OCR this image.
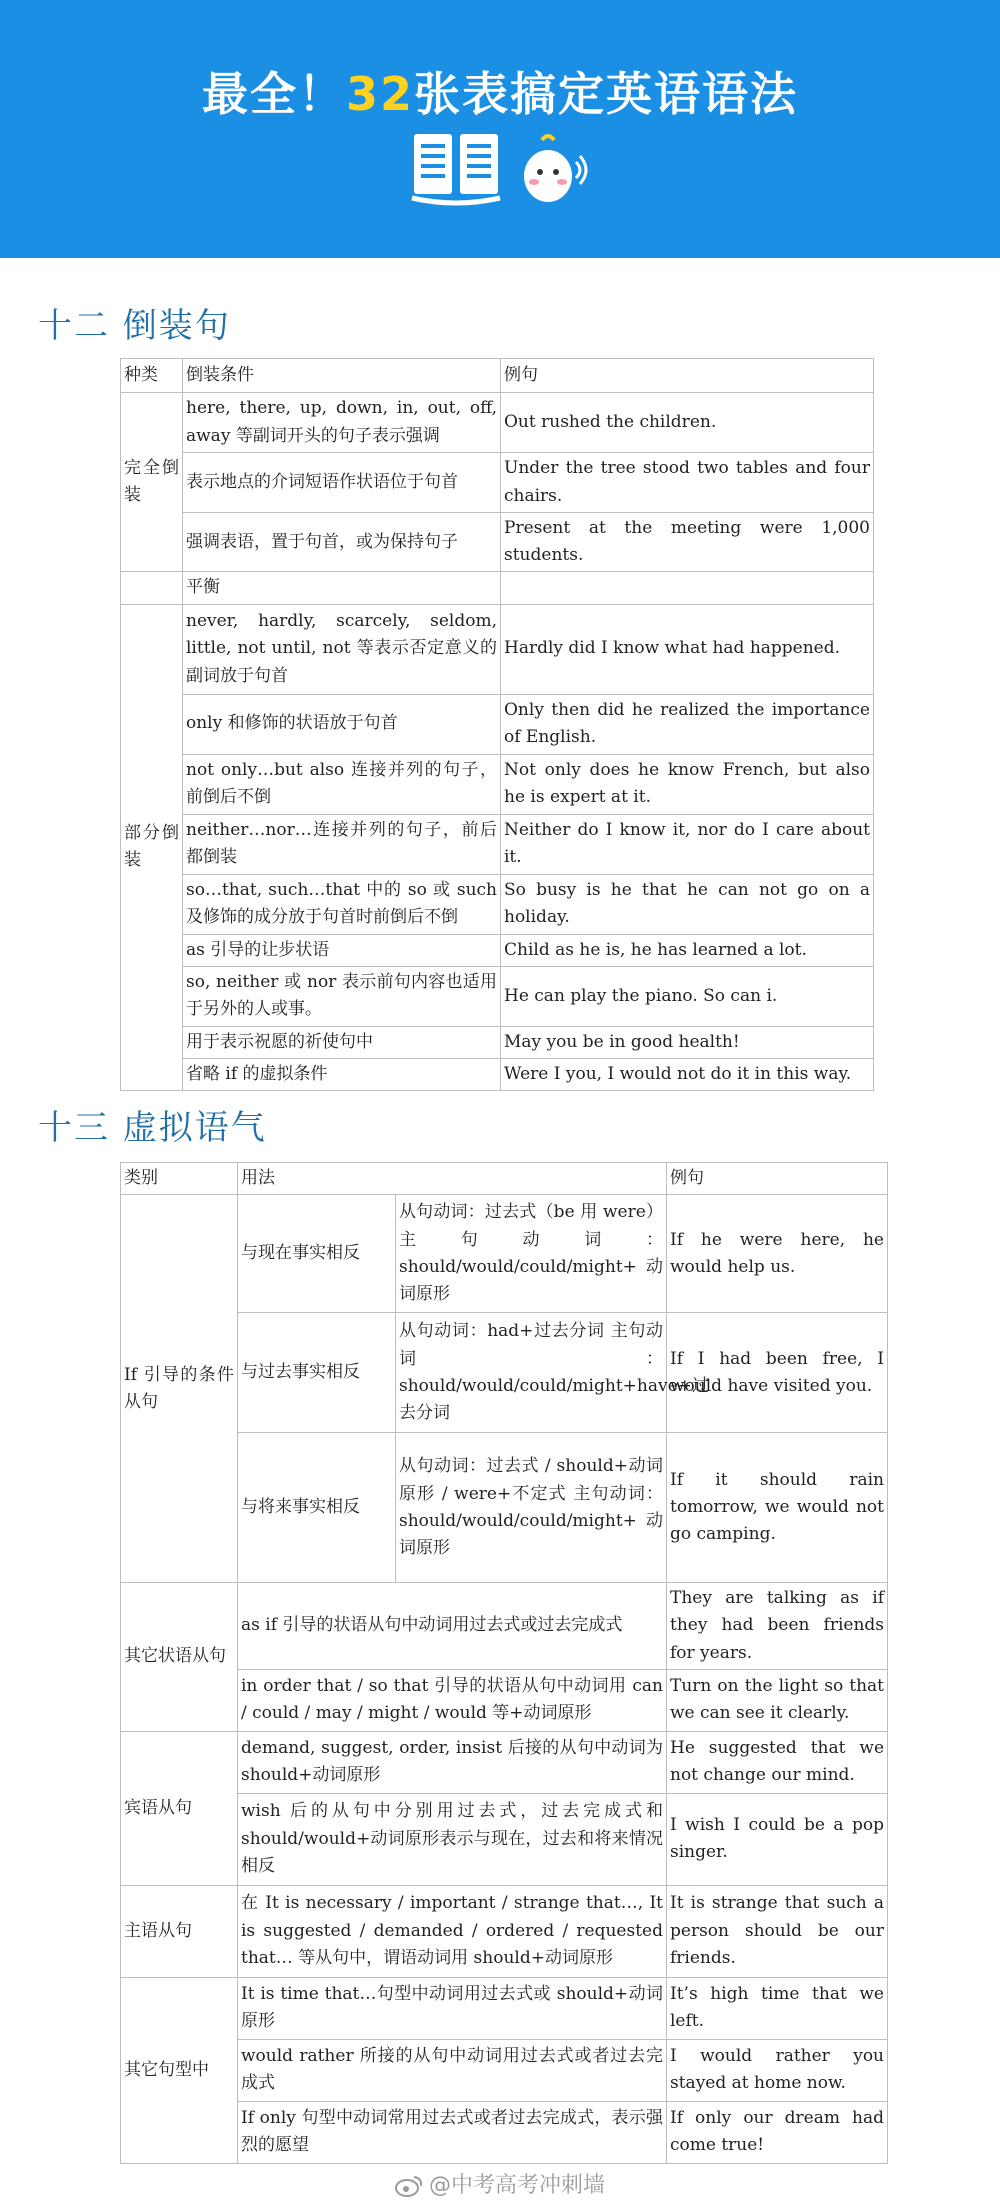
最全！32张表搞定英语语法
十二 倒装句
种类	倒装条件	例句
完全倒装	here, there, up, down, in, out, off, away 等副词开头的句子表示强调	Out rushed the children.
	表示地点的介词短语作状语位于句首	Under the tree stood two tables and four chairs.
	强调表语，置于句首，或为保持句子	Present at the meeting were 1,000 students.
	平衡	
部分倒装	never, hardly, scarcely, seldom, little, not until, not 等表示否定意义的副词放于句首	Hardly did I know what had happened.
	only 和修饰的状语放于句首	Only then did he realized the importance of English.
	not only…but also 连接并列的句子，前倒后不倒	Not only does he know French, but also he is expert at it.
	neither…nor…连接并列的句子，前后都倒装	Neither do I know it, nor do I care about it.
	so…that, such…that 中的 so 或 such 及修饰的成分放于句首时前倒后不倒	So busy is he that he can not go on a holiday.
	as 引导的让步状语	Child as he is, he has learned a lot.
	so, neither 或 nor 表示前句内容也适用于另外的人或事。	He can play the piano. So can i.
	用于表示祝愿的祈使句中	May you be in good health!
	省略 if 的虚拟条件	Were I you, I would not do it in this way.
十三 虚拟语气
类别	用法		例句
If 引导的条件从句	与现在事实相反	从句动词：过去式（be 用 were）主句动词：should/would/could/might+ 动词原形	If he were here, he would help us.
	与过去事实相反	从句动词：had+过去分词 主句动词：should/would/could/might+have+过去分词	If I had been free, I would have visited you.
	与将来事实相反	从句动词：过去式 / should+动词原形 / were+不定式 主句动词：should/would/could/might+ 动词原形	If it should rain tomorrow, we would not go camping.
其它状语从句	as if 引导的状语从句中动词用过去式或过去完成式		They are talking as if they had been friends for years.
	in order that / so that 引导的状语从句中动词用 can / could / may / might / would 等+动词原形		Turn on the light so that we can see it clearly.
宾语从句	demand, suggest, order, insist 后接的从句中动词为 should+动词原形		He suggested that we not change our mind.
	wish 后的从句中分别用过去式，过去完成式和 should/would+动词原形表示与现在，过去和将来情况相反		I wish I could be a pop singer.
主语从句	在 It is necessary / important / strange that…, It is suggested / demanded / ordered / requested that… 等从句中，谓语动词用 should+动词原形		It is strange that such a person should be our friends.
其它句型中	It is time that…句型中动词用过去式或 should+动词原形		It’s high time that we left.
	would rather 所接的从句中动词用过去式或者过去完成式		I would rather you stayed at home now.
	If only 句型中动词常用过去式或者过去完成式，表示强烈的愿望		If only our dream had come true!
@中考高考冲刺墙
